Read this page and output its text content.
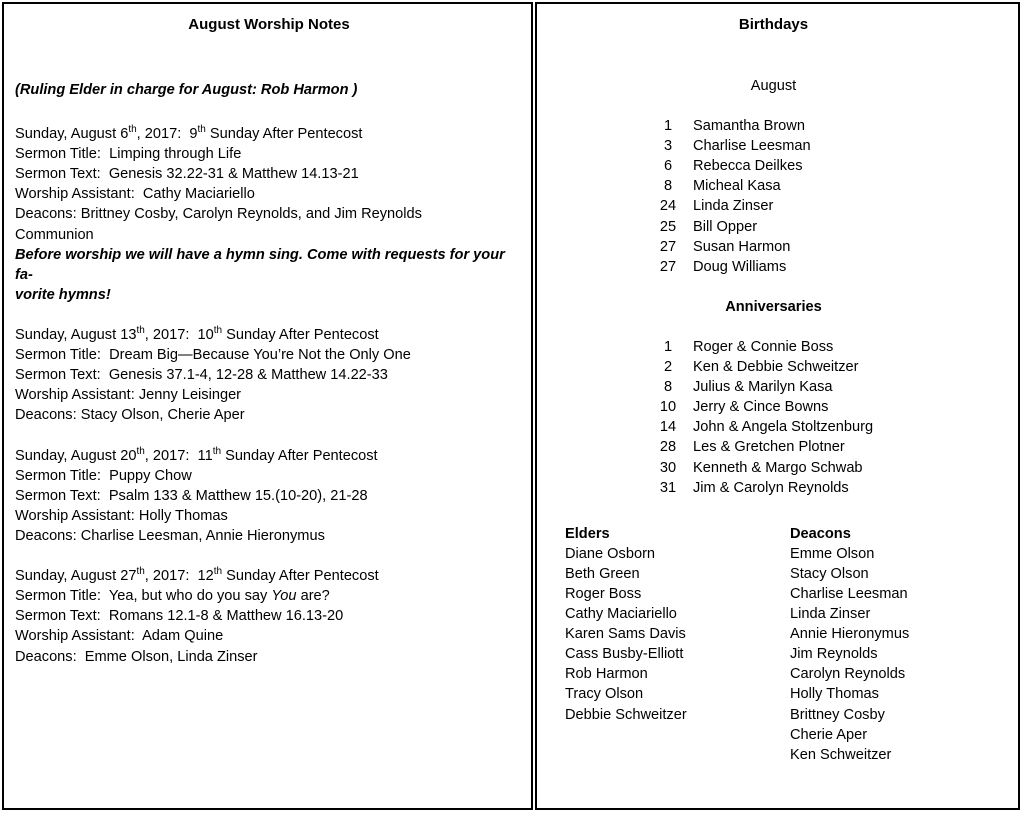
August Worship Notes
(Ruling Elder in charge for August: Rob Harmon )
Sunday, August 6th, 2017:  9th Sunday After Pentecost
Sermon Title:  Limping through Life
Sermon Text:  Genesis 32.22-31 & Matthew 14.13-21
Worship Assistant:  Cathy Maciariello
Deacons: Brittney Cosby, Carolyn Reynolds, and Jim Reynolds
Communion
Before worship we will have a hymn sing. Come with requests for your fa-
vorite hymns!
Sunday, August 13th, 2017:  10th Sunday After Pentecost
Sermon Title:  Dream Big—Because You’re Not the Only One
Sermon Text:  Genesis 37.1-4, 12-28 & Matthew 14.22-33
Worship Assistant: Jenny Leisinger
Deacons: Stacy Olson, Cherie Aper
Sunday, August 20th, 2017:  11th Sunday After Pentecost
Sermon Title:  Puppy Chow
Sermon Text:  Psalm 133 & Matthew 15.(10-20), 21-28
Worship Assistant: Holly Thomas
Deacons: Charlise Leesman, Annie Hieronymus
Sunday, August 27th, 2017:  12th Sunday After Pentecost
Sermon Title:  Yea, but who do you say You are?
Sermon Text:  Romans 12.1-8 & Matthew 16.13-20
Worship Assistant:  Adam Quine
Deacons:  Emme Olson, Linda Zinser
Birthdays
August
1	Samantha Brown
3	Charlise Leesman
6	Rebecca Deilkes
8	Micheal Kasa
24	Linda Zinser
25	Bill Opper
27	Susan Harmon
27	Doug Williams
Anniversaries
1	Roger & Connie Boss
2	Ken & Debbie Schweitzer
8	Julius & Marilyn Kasa
10	Jerry & Cince Bowns
14	John & Angela Stoltzenburg
28	Les & Gretchen Plotner
30	Kenneth & Margo Schwab
31	Jim & Carolyn Reynolds
Elders
Diane Osborn
Beth Green
Roger Boss
Cathy Maciariello
Karen Sams Davis
Cass Busby-Elliott
Rob Harmon
Tracy Olson
Debbie Schweitzer
Deacons
Emme Olson
Stacy Olson
Charlise Leesman
Linda Zinser
Annie Hieronymus
Jim Reynolds
Carolyn Reynolds
Holly Thomas
Brittney Cosby
Cherie Aper
Ken Schweitzer
